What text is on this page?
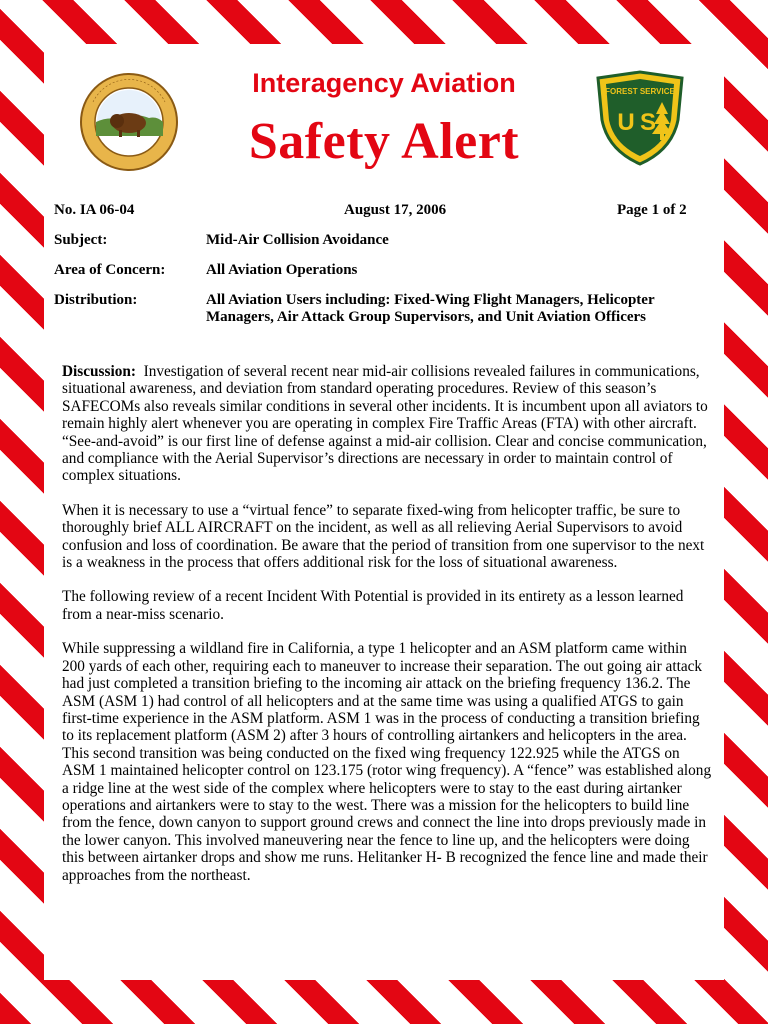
FOREST SERVICE
U S
Interagency Aviation
Safety Alert
No. IA 06-04	August 17, 2006	Page 1 of 2
Subject:	Mid-Air Collision Avoidance
Area of Concern:	All Aviation Operations
Distribution:	All Aviation Users including: Fixed-Wing Flight Managers, Helicopter Managers, Air Attack Group Supervisors, and Unit Aviation Officers

Discussion: Investigation of several recent near mid-air collisions revealed failures in communications, situational awareness, and deviation from standard operating procedures. Review of this season’s SAFECOMs also reveals similar conditions in several other incidents. It is incumbent upon all aviators to remain highly alert whenever you are operating in complex Fire Traffic Areas (FTA) with other aircraft. “See-and-avoid” is our first line of defense against a mid-air collision. Clear and concise communication, and compliance with the Aerial Supervisor’s directions are necessary in order to maintain control of complex situations.

When it is necessary to use a “virtual fence” to separate fixed-wing from helicopter traffic, be sure to thoroughly brief ALL AIRCRAFT on the incident, as well as all relieving Aerial Supervisors to avoid confusion and loss of coordination. Be aware that the period of transition from one supervisor to the next is a weakness in the process that offers additional risk for the loss of situational awareness.

The following review of a recent Incident With Potential is provided in its entirety as a lesson learned from a near-miss scenario.

While suppressing a wildland fire in California, a type 1 helicopter and an ASM platform came within 200 yards of each other, requiring each to maneuver to increase their separation. The out going air attack had just completed a transition briefing to the incoming air attack on the briefing frequency 136.2. The ASM (ASM 1) had control of all helicopters and at the same time was using a qualified ATGS to gain first-time experience in the ASM platform. ASM 1 was in the process of conducting a transition briefing to its replacement platform (ASM 2) after 3 hours of controlling airtankers and helicopters in the area. This second transition was being conducted on the fixed wing frequency 122.925 while the ATGS on ASM 1 maintained helicopter control on 123.175 (rotor wing frequency). A “fence” was established along a ridge line at the west side of the complex where helicopters were to stay to the east during airtanker operations and airtankers were to stay to the west. There was a mission for the helicopters to build line from the fence, down canyon to support ground crews and connect the line into drops previously made in the lower canyon. This involved maneuvering near the fence to line up, and the helicopters were doing this between airtanker drops and show me runs. Helitanker H- B recognized the fence line and made their approaches from the northeast.
